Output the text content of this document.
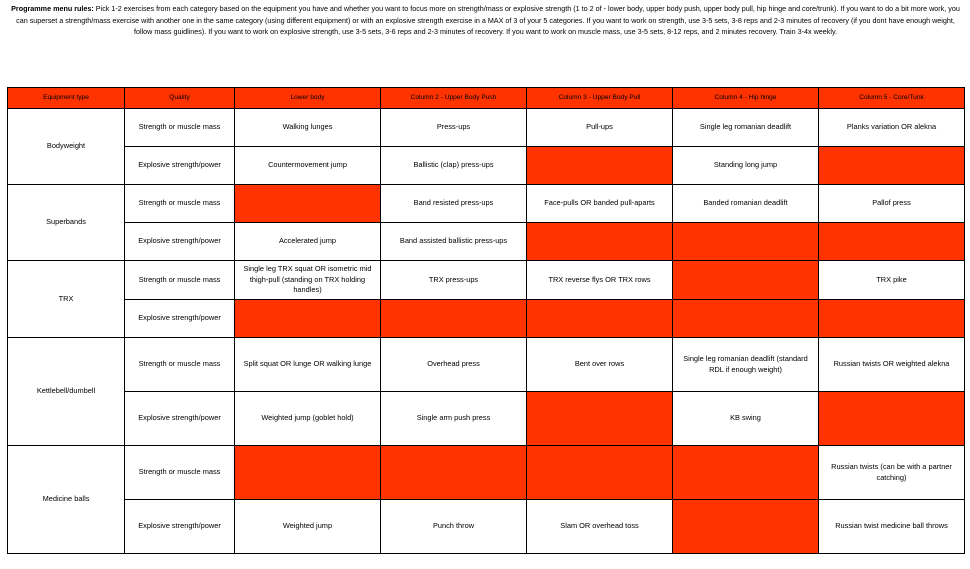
Programme menu rules: Pick 1-2 exercises from each category based on the equipment you have and whether you want to focus more on strength/mass or explosive strength (1 to 2 of - lower body, upper body push, upper body pull, hip hinge and core/trunk). If you want to do a bit more work, you can superset a strength/mass exercise with another one in the same category (using different equipment) or with an explosive strength exercise in a MAX of 3 of your 5 categories. If you want to work on strength, use 3-5 sets, 3-8 reps and 2-3 minutes of recovery (if you dont have enough weight, follow mass guidlines). If you want to work on explosive strength, use 3-5 sets, 3-6 reps and 2-3 minutes of recovery. If you want to work on muscle mass, use 3-5 sets, 8-12 reps, and 2 minutes recovery. Train 3-4x weekly.

Equipment type	Quality	Lower body	Column 2 - Upper Body Push	Column 3 - Upper Body Pull	Column 4 - Hip hinge	Column 5 - Core/Tunk
Bodyweight	Strength or muscle mass	Walking lunges	Press-ups	Pull-ups	Single leg romanian deadlift	Planks variation OR alekna
	Explosive strength/power	Countermovement jump	Ballistic (clap) press-ups		Standing long jump	
Superbands	Strength or muscle mass		Band resisted press-ups	Face-pulls OR banded pull-aparts	Banded romanian deadlift	Pallof press
	Explosive strength/power	Accelerated jump	Band assisted ballistic press-ups			
TRX	Strength or muscle mass	Single leg TRX squat OR isometric mid thigh-pull (standing on TRX holding handles)	TRX press-ups	TRX reverse flys OR TRX rows		TRX pike
	Explosive strength/power					
Kettlebell/dumbell	Strength or muscle mass	Split squat OR lunge OR walking lunge	Overhead press	Bent over rows	Single leg romanian deadlift (standard RDL if enough weight)	Russian twists OR weighted alekna
	Explosive strength/power	Weighted jump (goblet hold)	Single arm push press		KB swing	
Medicine balls	Strength or muscle mass					Russian twists (can be with a partner catching)
	Explosive strength/power	Weighted jump	Punch throw	Slam OR overhead toss		Russian twist medicine ball throws
